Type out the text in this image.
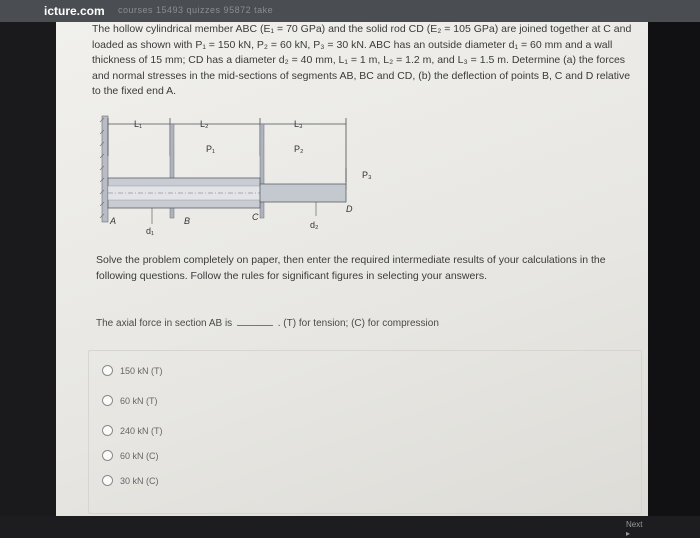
icture.com courses 15493 quizzes 95872 take

The hollow cylindrical member ABC (E₁ = 70 GPa) and the solid rod CD (E₂ = 105 GPa) are joined together at C and loaded as shown with P₁ = 150 kN, P₂ = 60 kN, P₃ = 30 kN. ABC has an outside diameter d₁ = 60 mm and a wall thickness of 15 mm; CD has a diameter d₂ = 40 mm, L₁ = 1 m, L₂ = 1.2 m, and L₃ = 1.5 m. Determine (a) the forces and normal stresses in the mid-sections of segments AB, BC and CD, (b) the deflection of points B, C and D relative to the fixed end A.

L₁	L₂	L₃
P₁	P₂
P₃
A	B	C
D
d₁
d₂

Solve the problem completely on paper, then enter the required intermediate results of your calculations in the following questions. Follow the rules for significant figures in selecting your answers.

The axial force in section AB is	. (T) for tension; (C) for compression
150 kN (T)
60 kN (T)
240 kN (T)
60 kN (C)
30 kN (C)
Next ▸
